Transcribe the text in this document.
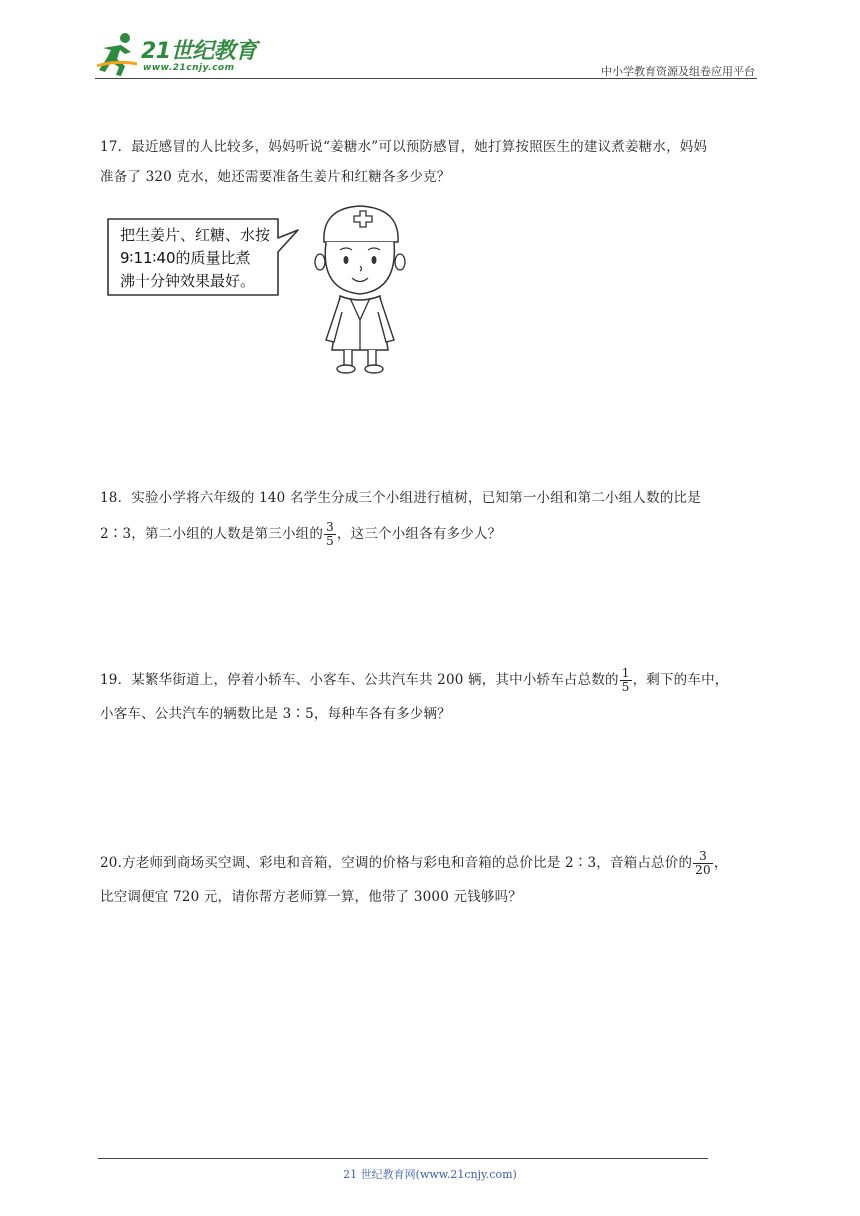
21世纪教育
www.21cnjy.com	中小学教育资源及组卷应用平台

17．最近感冒的人比较多，妈妈听说“姜糖水”可以预防感冒，她打算按照医生的建议煮姜糖水，妈妈

准备了 320 克水，她还需要准备生姜片和红糖各多少克？

把生姜片、红糖、水按
9∶11∶40的质量比煮
沸十分钟效果最好。

18．实验小学将六年级的 140 名学生分成三个小组进行植树，已知第一小组和第二小组人数的比是

2∶3，第二小组的人数是第三小组的 $\frac{3}{5}$ ，这三个小组各有多少人？

19．某繁华街道上，停着小轿车、小客车、公共汽车共 200 辆，其中小轿车占总数的 $\frac{1}{5}$ ，剩下的车中，

小客车、公共汽车的辆数比是 3∶5，每种车各有多少辆？

20.方老师到商场买空调、彩电和音箱，空调的价格与彩电和音箱的总价比是 2∶3，音箱占总价的 $\frac{3}{20}$ ，

比空调便宜 720 元，请你帮方老师算一算，他带了 3000 元钱够吗？

21 世纪教育网(www.21cnjy.com)
